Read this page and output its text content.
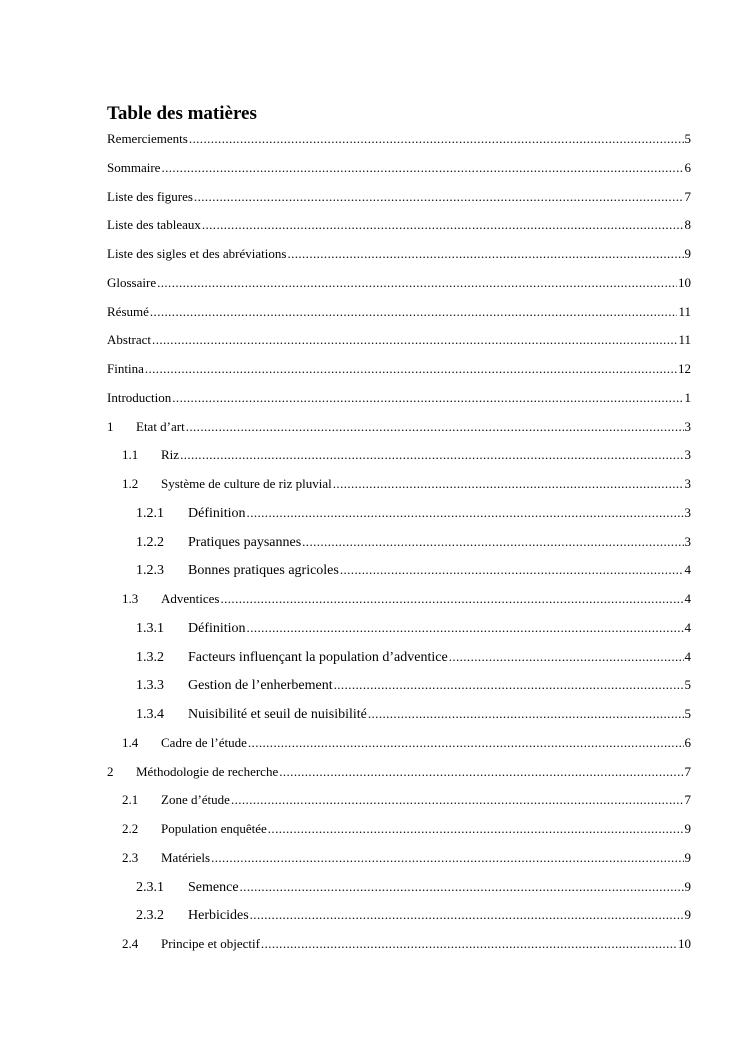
Table des matières
Remerciements .....	5
Sommaire .....	6
Liste des figures .....	7
Liste des tableaux .....	8
Liste des sigles et des abréviations .....	9
Glossaire .....	10
Résumé .....	11
Abstract .....	11
Fintina .....	12
Introduction .....	1
1	Etat d’art .....	3
1.1	Riz .....	3
1.2	Système de culture de riz pluvial .....	3
1.2.1	Définition .....	3
1.2.2	Pratiques paysannes .....	3
1.2.3	Bonnes pratiques agricoles .....	4
1.3	Adventices .....	4
1.3.1	Définition .....	4
1.3.2	Facteurs influençant la population d’adventice .....	4
1.3.3	Gestion de l’enherbement .....	5
1.3.4	Nuisibilité et seuil de nuisibilité .....	5
1.4	Cadre de l’étude .....	6
2	Méthodologie de recherche .....	7
2.1	Zone d’étude .....	7
2.2	Population enquêtée .....	9
2.3	Matériels .....	9
2.3.1	Semence .....	9
2.3.2	Herbicides .....	9
2.4	Principe et objectif .....	10
